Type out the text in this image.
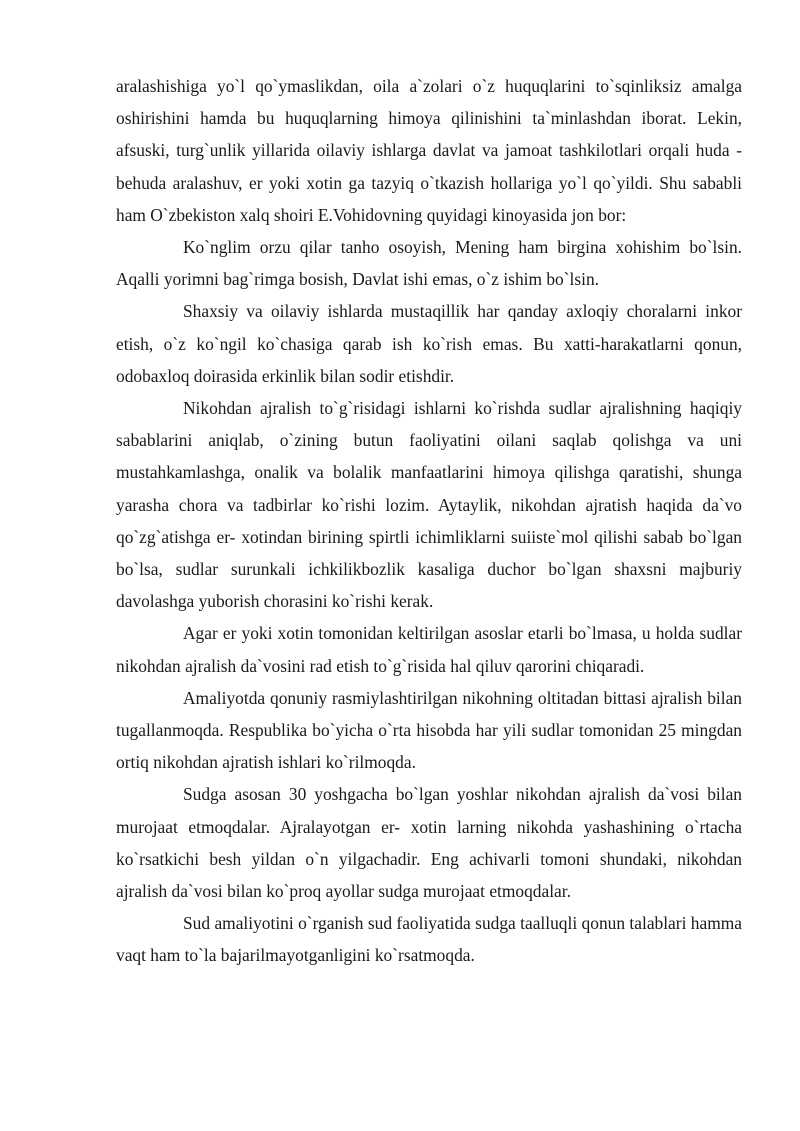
aralashishiga yo`l qo`ymaslikdan, oila a`zolari o`z huquqlarini to`sqinliksiz amalga oshirishini hamda bu huquqlarning himoya qilinishini ta`minlashdan iborat. Lekin, afsuski, turg`unlik yillarida oilaviy ishlarga davlat va jamoat tashkilotlari orqali huda - behuda aralashuv, er yoki xotin ga tazyiq o`tkazish hollariga yo`l qo`yildi. Shu sababli ham O`zbekiston xalq shoiri E.Vohidovning quyidagi kinoyasida jon bor:

Ko`nglim orzu qilar tanho osoyish, Mening ham birgina xohishim bo`lsin. Aqalli yorimni bag`rimga bosish, Davlat ishi emas, o`z ishim bo`lsin.

Shaxsiy va oilaviy ishlarda mustaqillik har qanday axloqiy choralarni inkor etish, o`z ko`ngil ko`chasiga qarab ish ko`rish emas. Bu xatti-harakatlarni qonun, odobaxloq doirasida erkinlik bilan sodir etishdir.

Nikohdan ajralish to`g`risidagi ishlarni ko`rishda sudlar ajralishning haqiqiy sabablarini aniqlab, o`zining butun faoliyatini oilani saqlab qolishga va uni mustahkamlashga, onalik va bolalik manfaatlarini himoya qilishga qaratishi, shunga yarasha chora va tadbirlar ko`rishi lozim. Aytaylik, nikohdan ajratish haqida da`vo qo`zg`atishga er- xotindan birining spirtli ichimliklarni suiiste`mol qilishi sabab bo`lgan bo`lsa, sudlar surunkali ichkilikbozlik kasaliga duchor bo`lgan shaxsni majburiy davolashga yuborish chorasini ko`rishi kerak.

Agar er yoki xotin tomonidan keltirilgan asoslar etarli bo`lmasa, u holda sudlar nikohdan ajralish da`vosini rad etish to`g`risida hal qiluv qarorini chiqaradi.

Amaliyotda qonuniy rasmiylashtirilgan nikohning oltitadan bittasi ajralish bilan tugallanmoqda. Respublika bo`yicha o`rta hisobda har yili sudlar tomonidan 25 mingdan ortiq nikohdan ajratish ishlari ko`rilmoqda.

Sudga asosan 30 yoshgacha bo`lgan yoshlar nikohdan ajralish da`vosi bilan murojaat etmoqdalar. Ajralayotgan er- xotin larning nikohda yashashining o`rtacha ko`rsatkichi besh yildan o`n yilgachadir. Eng achivarli tomoni shundaki, nikohdan ajralish da`vosi bilan ko`proq ayollar sudga murojaat etmoqdalar.

Sud amaliyotini o`rganish sud faoliyatida sudga taalluqli qonun talablari hamma vaqt ham to`la bajarilmayotganligini ko`rsatmoqda.
